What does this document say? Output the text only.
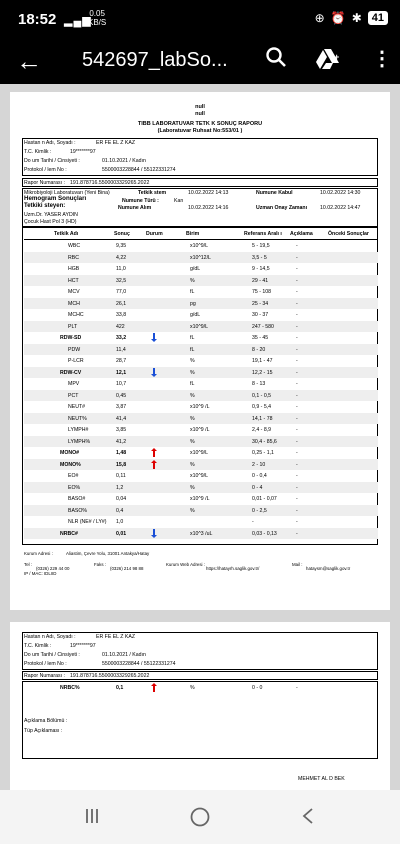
18:52 ▂▄▆
0.05
KB/S	⊕ ⏰ ✱ 41
← 542697_labSo...	+ ⋮
null
null
TIBB LABORATUVAR TETK K SONUÇ RAPORU
(Laboratuvar Ruhsat No:553/01 )
Hastan n Adı, Soyadı :	ER FE EL Z KAZ
T.C. Kimlik :	19*******97
Do um Tarihi / Cinsiyeti :	01.10.2021 / Kadın
Protokol / lem No :	5500003228844 / 55122331274
Rapor Numarası : 191.878716.5500003329265.2022
Mikrobiyoloji Laboratuvarı (Yeni Bina)	Tetkik stem	10.02.2022 14:13	Numune Kabul	10.02.2022 14:30
Hemogram Sonuçları	Numune Türü :	Kan
Tetkiki steyen:	Numune Alım	10.02.2022 14:16	Uzman Onay Zamanı 10.02.2022 14:47
Uzm.Dr. YASER AYDIN
Çocuk Hast Pol 3 (HD)
Tetkik Adı	Sonuç	Durum	Birim	Referans Aralı ı Açıklama	Önceki Sonuçlar
WBC	9,35	x10^9/L	5 - 19,5	-
RBC	4,22	x10^12/L	3,5 - 5	-
HGB	11,0	g/dL	9 - 14,5	-
HCT	32,5	%	29 - 41	-
MCV	77,0	fL	75 - 108	-
MCH	26,1	pg	25 - 34	-
MCHC	33,8	g/dL	30 - 37	-
PLT	422	x10^9/L	247 - 580	-
RDW-SD	33,2	fL	35 - 45	-
PDW	11,4	fL	8 - 20	-
P-LCR	28,7	%	19,1 - 47	-
RDW-CV	12,1	%	12,2 - 15	-
MPV	10,7	fL	8 - 13	-
PCT	0,45	%	0,1 - 0,5	-
NEUT#	3,87	x10^9 /L	0,9 - 5,4	-
NEUT%	41,4	%	14,1 - 78	-
LYMPH#	3,85	x10^9 /L	2,4 - 8,9	-
LYMPH%	41,2	%	30,4 - 85,6	-
MONO#	1,48	x10^9/L	0,25 - 1,1	-
MONO%	15,8	%	2 - 10	-
EO#	0,11	x10^9/L	0 - 0,4	-
EO%	1,2	%	0 - 4	-
BASO#	0,04	x10^9 /L	0,01 - 0,07	-
BASO%	0,4	%	0 - 2,5	-
NLR (NE# / LY#) 1,0	-	-
NRBC#	0,01	x10^3 /uL	0,03 - 0,13	-
Kurum Adresi :	Aliastim, Çevre Yolu, 31001 Antakya/Hatay
Tel :
(0326) 229 44 00
IP / MAC: IDLIID
Faks :
(0326) 214 98 88
Kurum Web Adresi :
https://hatayrh.saglik.gov.tr/
Mail :
hataysm@saglik.gov.tr
Hastan n Adı, Soyadı :	ER FE EL Z KAZ
T.C. Kimlik :	19*******97
Do um Tarihi / Cinsiyeti :	01.10.2021 / Kadın
Protokol / lem No :	5500003228844 / 55122331274
Rapor Numarası : 191.878716.5500003329265.2022
NRBC%	0,1	%	0 - 0	-
Açıklama Bölümü :
Tüp Açıklaması :
MEHMET AL D BEK
